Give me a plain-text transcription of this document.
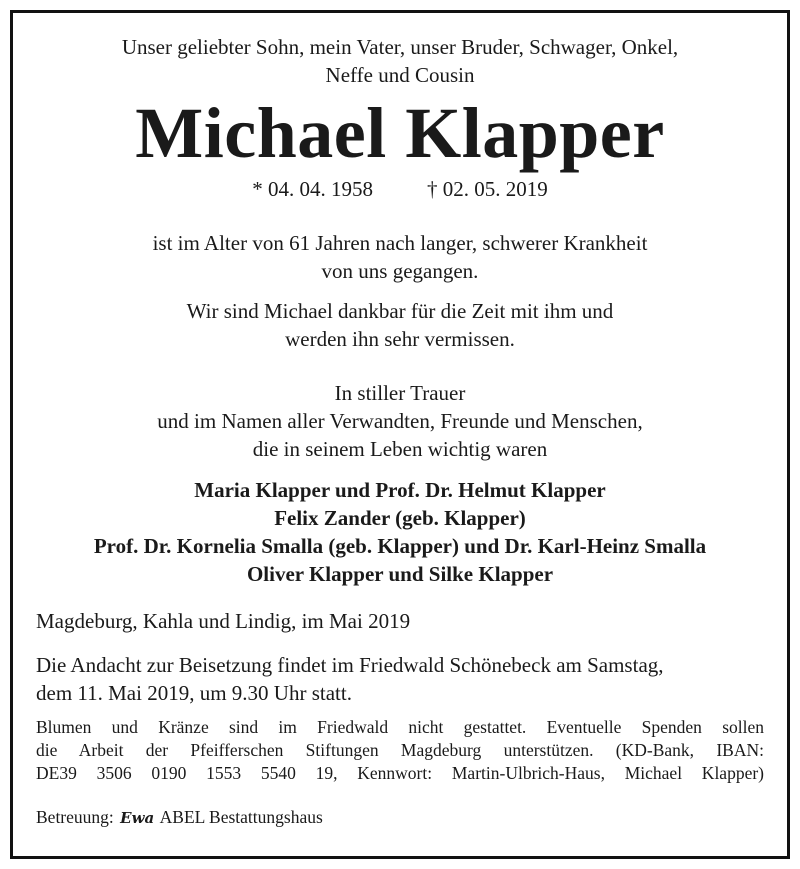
Unser geliebter Sohn, mein Vater, unser Bruder, Schwager, Onkel,
Neffe und Cousin
Michael Klapper
* 04. 04. 1958	† 02. 05. 2019
ist im Alter von 61 Jahren nach langer, schwerer Krankheit
von uns gegangen.
Wir sind Michael dankbar für die Zeit mit ihm und
werden ihn sehr vermissen.
In stiller Trauer
und im Namen aller Verwandten, Freunde und Menschen,
die in seinem Leben wichtig waren
Maria Klapper und Prof. Dr. Helmut Klapper
Felix Zander (geb. Klapper)
Prof. Dr. Kornelia Smalla (geb. Klapper) und Dr. Karl-Heinz Smalla
Oliver Klapper und Silke Klapper
Magdeburg, Kahla und Lindig, im Mai 2019
Die Andacht zur Beisetzung findet im Friedwald Schönebeck am Samstag,
dem 11. Mai 2019, um 9.30 Uhr statt.
Blumen und Kränze sind im Friedwald nicht gestattet. Eventuelle Spenden sollen
die Arbeit der Pfeifferschen Stiftungen Magdeburg unterstützen. (KD-Bank, IBAN:
DE39 3506 0190 1553 5540 19, Kennwort: Martin-Ulbrich-Haus, Michael Klapper)
Betreuung: Ewa ABEL Bestattungshaus
